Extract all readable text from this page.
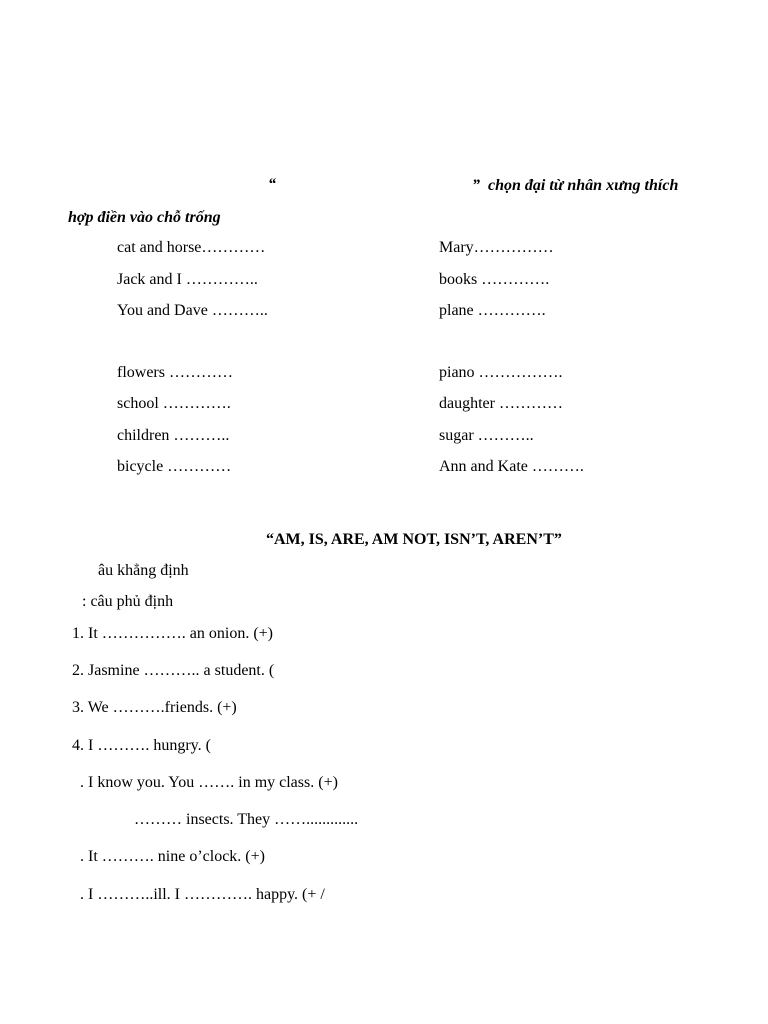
“	”  chọn đại từ nhân xưng thích
hợp điền vào chỗ trống
cat and horse…………
Jack and I …………..
You and Dave ………..
flowers …………
school ………….
children ………..
bicycle …………
Mary……………
books ………….
plane ………….
piano …………….
daughter …………
sugar ………..
Ann and Kate ……….
“AM, IS, ARE, AM NOT, ISN’T, AREN’T”
âu khẳng định
: câu phủ định
1. It ……………. an onion. (+)
2. Jasmine ……….. a student. (
3. We ……….friends. (+)
4. I ………. hungry. (
. I know you. You ……. in my class. (+)
……… insects. They …….............
. It ………. nine o’clock. (+)
. I ………..ill. I …………. happy. (+ /
